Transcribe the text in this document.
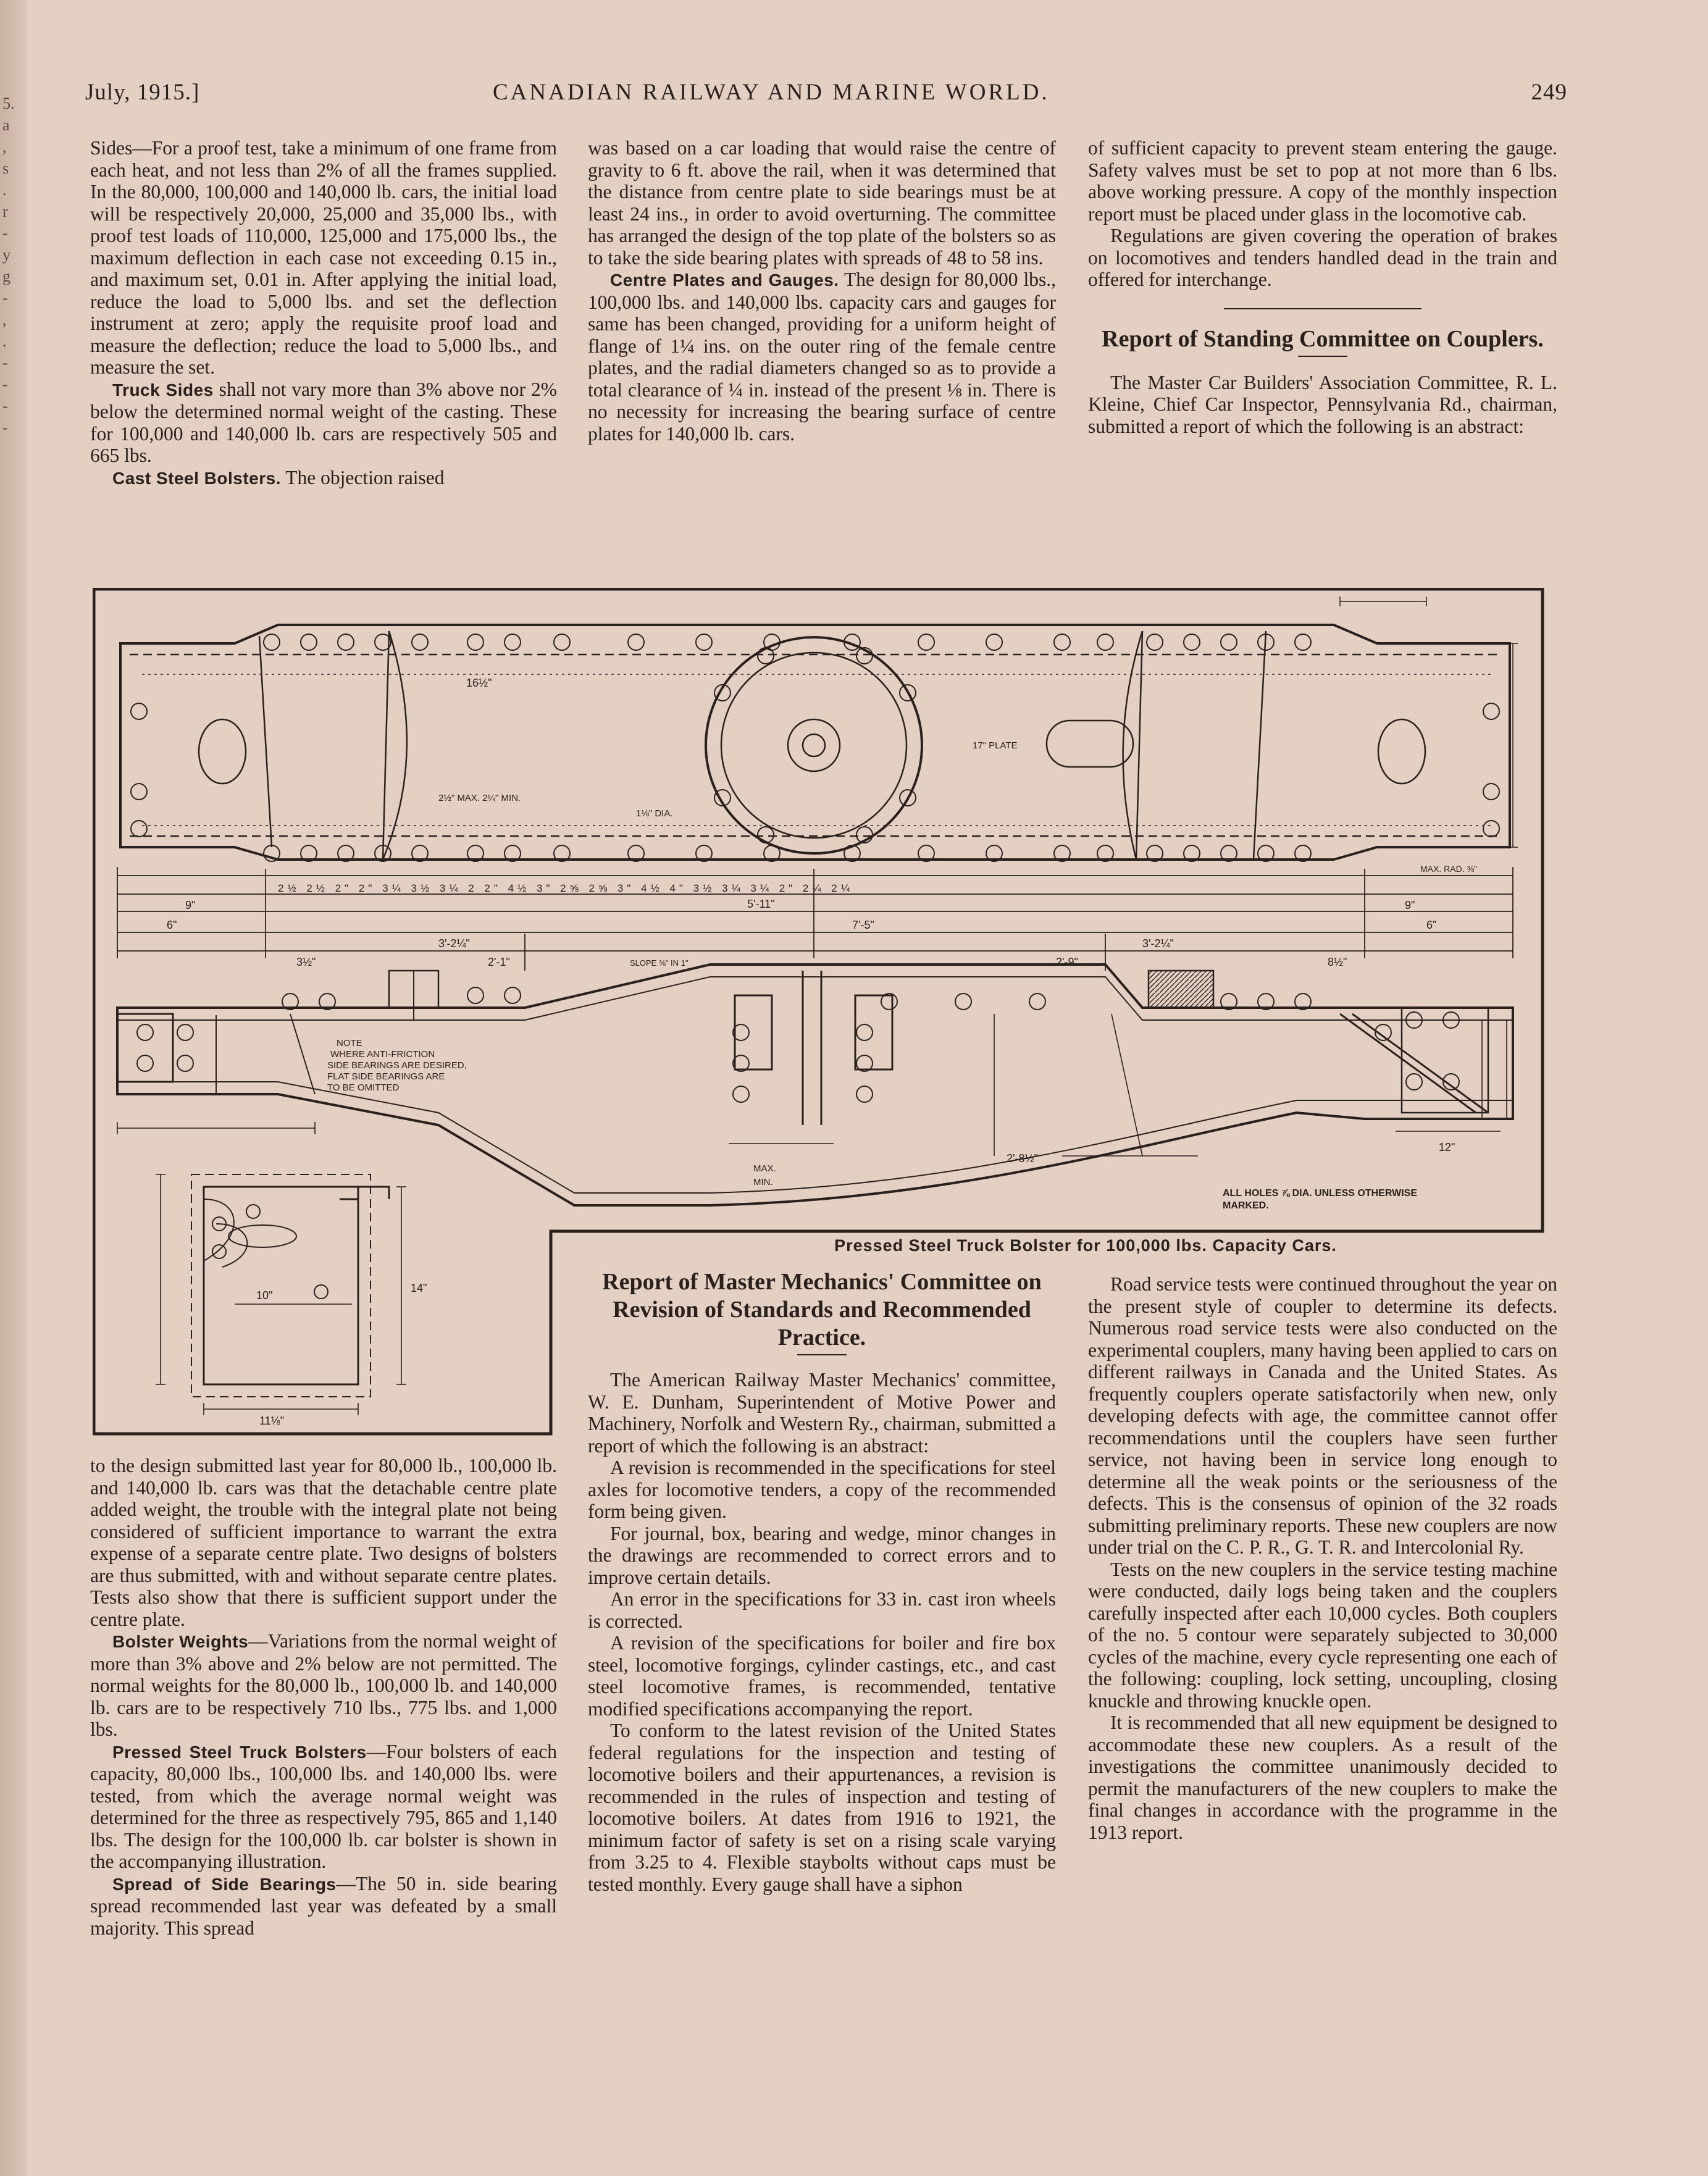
5.
a
,
s
.
r
-
y
g
-
,
.
-
-
-
-
July, 1915.]	CANADIAN RAILWAY AND MARINE WORLD.	249

Sides—For a proof test, take a minimum of one frame from each heat, and not less than 2% of all the frames supplied. In the 80,000, 100,000 and 140,000 lb. cars, the initial load will be respectively 20,000, 25,000 and 35,000 lbs., with proof test loads of 110,000, 125,000 and 175,000 lbs., the maximum deflection in each case not exceeding 0.15 in., and maximum set, 0.01 in. After applying the initial load, reduce the load to 5,000 lbs. and set the deflection instrument at zero; apply the requisite proof load and measure the deflection; reduce the load to 5,000 lbs., and measure the set.

Truck Sides shall not vary more than 3% above nor 2% below the determined normal weight of the casting. These for 100,000 and 140,000 lb. cars are respectively 505 and 665 lbs.

Cast Steel Bolsters. The objection raised

was based on a car loading that would raise the centre of gravity to 6 ft. above the rail, when it was determined that the distance from centre plate to side bearings must be at least 24 ins., in order to avoid overturning. The committee has arranged the design of the top plate of the bolsters so as to take the side bearing plates with spreads of 48 to 58 ins.

Centre Plates and Gauges. The design for 80,000 lbs., 100,000 lbs. and 140,000 lbs. capacity cars and gauges for same has been changed, providing for a uniform height of flange of 1¼ ins. on the outer ring of the female centre plates, and the radial diameters changed so as to provide a total clearance of ¼ in. instead of the present ⅛ in. There is no necessity for increasing the bearing surface of centre plates for 140,000 lb. cars.

of sufficient capacity to prevent steam entering the gauge. Safety valves must be set to pop at not more than 6 lbs. above working pressure. A copy of the monthly inspection report must be placed under glass in the locomotive cab.

Regulations are given covering the operation of brakes on locomotives and tenders handled dead in the train and offered for interchange.

Report of Standing Committee on Couplers.

The Master Car Builders' Association Committee, R. L. Kleine, Chief Car Inspector, Pennsylvania Rd., chairman, submitted a report of which the following is an abstract:

NOTE
WHERE ANTI-FRICTION
SIDE BEARINGS ARE DESIRED,
FLAT SIDE BEARINGS ARE
TO BE OMITTED
ALL HOLES ⅞ DIA. UNLESS OTHERWISE
MARKED.
5'-11"
7'-5"
3'-2¼"	3'-2¼"
9"
6"
9"
6"
2'-1"	2'-9"	8½"
12"
10"
11⅛"
14"
3½"
16½"
2½" MAX. 2¼" MIN.
1⅛" DIA.
SLOPE ⅜" IN 1"
MAX.
MIN.
17" PLATE
MAX. RAD. ⅜"
2'-8½"
2½ 2½ 2" 2" 3¼ 3½ 3¼ 2 2" 4½ 3" 2⅝ 2⅝ 3" 4½ 4" 3½ 3¼ 3¼ 2" 2¼ 2¼
Pressed Steel Truck Bolster for 100,000 lbs. Capacity Cars.

to the design submitted last year for 80,000 lb., 100,000 lb. and 140,000 lb. cars was that the detachable centre plate added weight, the trouble with the integral plate not being considered of sufficient importance to warrant the extra expense of a separate centre plate. Two designs of bolsters are thus submitted, with and without separate centre plates. Tests also show that there is sufficient support under the centre plate.

Bolster Weights—Variations from the normal weight of more than 3% above and 2% below are not permitted. The normal weights for the 80,000 lb., 100,000 lb. and 140,000 lb. cars are to be respectively 710 lbs., 775 lbs. and 1,000 lbs.

Pressed Steel Truck Bolsters—Four bolsters of each capacity, 80,000 lbs., 100,000 lbs. and 140,000 lbs. were tested, from which the average normal weight was determined for the three as respectively 795, 865 and 1,140 lbs. The design for the 100,000 lb. car bolster is shown in the accompanying illustration.

Spread of Side Bearings—The 50 in. side bearing spread recommended last year was defeated by a small majority. This spread

Report of Master Mechanics' Committee on Revision of Standards and Recommended Practice.

The American Railway Master Mechanics' committee, W. E. Dunham, Superintendent of Motive Power and Machinery, Norfolk and Western Ry., chairman, submitted a report of which the following is an abstract:

A revision is recommended in the specifications for steel axles for locomotive tenders, a copy of the recommended form being given.

For journal, box, bearing and wedge, minor changes in the drawings are recommended to correct errors and to improve certain details.

An error in the specifications for 33 in. cast iron wheels is corrected.

A revision of the specifications for boiler and fire box steel, locomotive forgings, cylinder castings, etc., and cast steel locomotive frames, is recommended, tentative modified specifications accompanying the report.

To conform to the latest revision of the United States federal regulations for the inspection and testing of locomotive boilers and their appurtenances, a revision is recommended in the rules of inspection and testing of locomotive boilers. At dates from 1916 to 1921, the minimum factor of safety is set on a rising scale varying from 3.25 to 4. Flexible staybolts without caps must be tested monthly. Every gauge shall have a siphon

Road service tests were continued throughout the year on the present style of coupler to determine its defects. Numerous road service tests were also conducted on the experimental couplers, many having been applied to cars on different railways in Canada and the United States. As frequently couplers operate satisfactorily when new, only developing defects with age, the committee cannot offer recommendations until the couplers have seen further service, not having been in service long enough to determine all the weak points or the seriousness of the defects. This is the consensus of opinion of the 32 roads submitting preliminary reports. These new couplers are now under trial on the C. P. R., G. T. R. and Intercolonial Ry.

Tests on the new couplers in the service testing machine were conducted, daily logs being taken and the couplers carefully inspected after each 10,000 cycles. Both couplers of the no. 5 contour were separately subjected to 30,000 cycles of the machine, every cycle representing one each of the following: coupling, lock setting, uncoupling, closing knuckle and throwing knuckle open.

It is recommended that all new equipment be designed to accommodate these new couplers. As a result of the investigations the committee unanimously decided to permit the manufacturers of the new couplers to make the final changes in accordance with the programme in the 1913 report.
